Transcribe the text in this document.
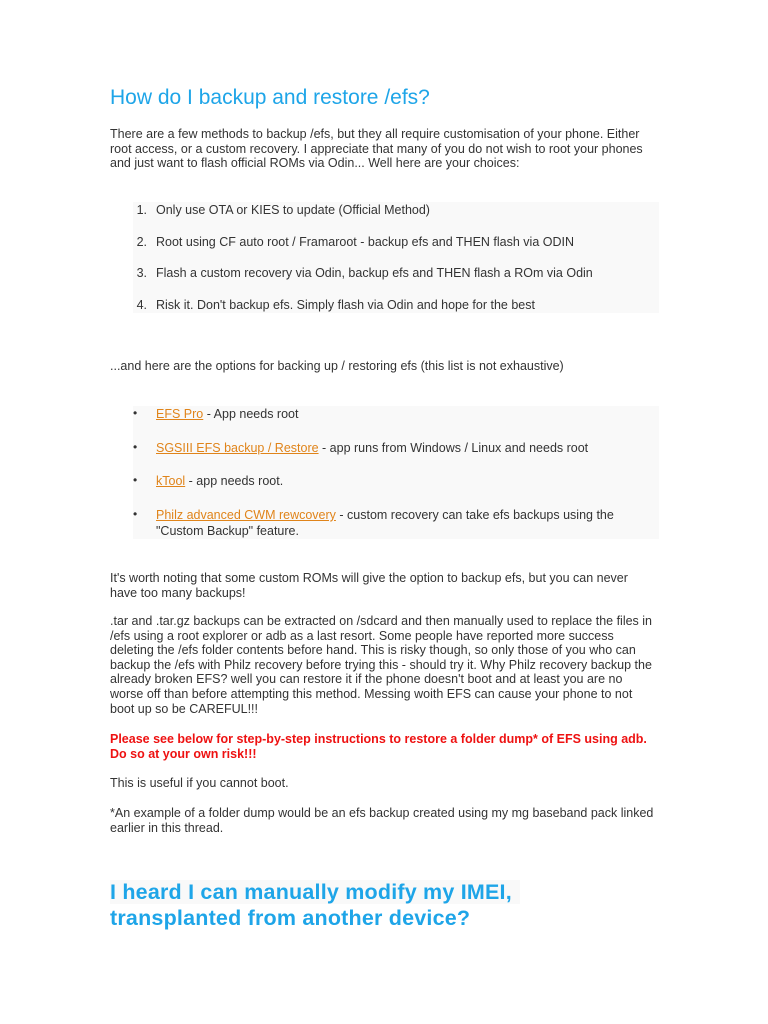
How do I backup and restore /efs?

There are a few methods to backup /efs, but they all require customisation of your phone. Either root access, or a custom recovery. I appreciate that many of you do not wish to root your phones and just want to flash official ROMs via Odin... Well here are your choices:

1. Only use OTA or KIES to update (Official Method)
2. Root using CF auto root / Framaroot - backup efs and THEN flash via ODIN
3. Flash a custom recovery via Odin, backup efs and THEN flash a ROm via Odin
4. Risk it. Don't backup efs. Simply flash via Odin and hope for the best

...and here are the options for backing up / restoring efs (this list is not exhaustive)

• EFS Pro - App needs root
• SGSIII EFS backup / Restore - app runs from Windows / Linux and needs root
• kTool - app needs root.
• Philz advanced CWM rewcovery - custom recovery can take efs backups using the "Custom Backup" feature.

It's worth noting that some custom ROMs will give the option to backup efs, but you can never have too many backups!

.tar and .tar.gz backups can be extracted on /sdcard and then manually used to replace the files in /efs using a root explorer or adb as a last resort. Some people have reported more success deleting the /efs folder contents before hand. This is risky though, so only those of you who can backup the /efs with Philz recovery before trying this - should try it. Why Philz recovery backup the already broken EFS? well you can restore it if the phone doesn't boot and at least you are no worse off than before attempting this method. Messing woith EFS can cause your phone to not boot up so be CAREFUL!!!

Please see below for step-by-step instructions to restore a folder dump* of EFS using adb. Do so at your own risk!!!

This is useful if you cannot boot.

*An example of a folder dump would be an efs backup created using my mg baseband pack linked earlier in this thread.

I heard I can manually modify my IMEI,
transplanted from another device?
